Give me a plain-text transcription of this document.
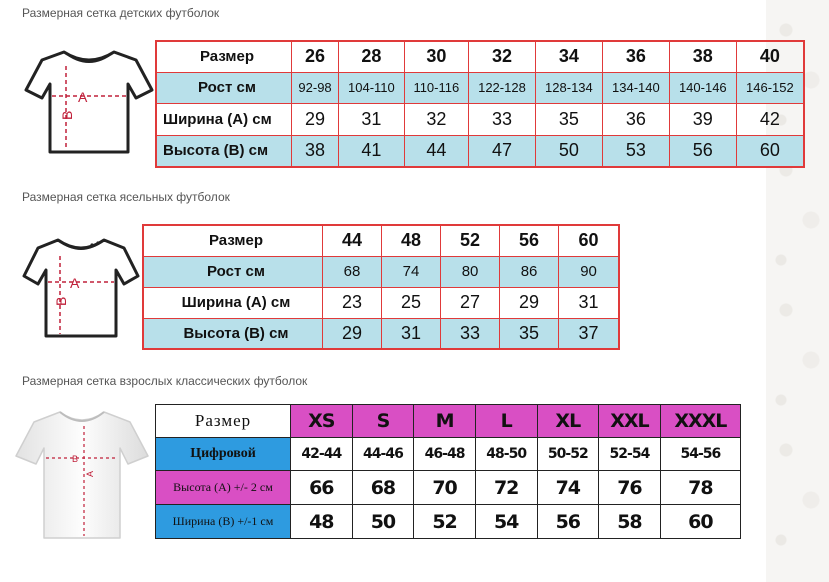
Размерная сетка детских футболок
A
B
Размер	26	28	30	32	34	36	38	40
Рост см	92-98	104-110	110-116	122-128	128-134	134-140	140-146	146-152
Ширина (А) см	29	31	32	33	35	36	39	42
Высота (В) см	38	41	44	47	50	53	56	60
Размерная сетка ясельных футболок
A
B
Размер	44	48	52	56	60
Рост см	68	74	80	86	90
Ширина (А) см	23	25	27	29	31
Высота (В) см	29	31	33	35	37
Размерная сетка взрослых классических футболок
B
A
Размер	XS	S	M	L	XL	XXL	XXXL
Цифровой	42-44	44-46	46-48	48-50	50-52	52-54	54-56
Высота (А) +/- 2 см	66	68	70	72	74	76	78
Ширина (В) +/-1 см	48	50	52	54	56	58	60
